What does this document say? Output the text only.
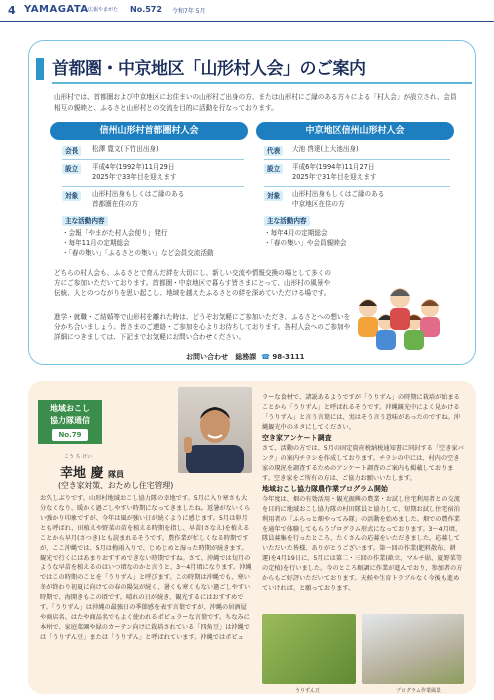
4 YAMAGATA 広報やまがた No.572 令和7年 5月
首都圏・中京地区「山形村人会」のご案内
山形村では、首都圏および中京地区にお住まいの山形村ご出身の方、または山形村にご縁のある方々による「村人会」が設立され、会員相互の親睦と、ふるさと山形村との交流を目的に活動を行なっております。
信州山形村首都圏村人会
会長	松澤 寛文(下竹田出身)
設立	平成4年(1992年)11月29日
2025年で33年目を迎えます
対象	山形村出身もしくはご縁のある
首都圏在住の方
主な活動内容
・会報「やまがた村人会便り」発行
・毎年11月の定期総会
・「春の集い」「ふるさとの集い」など会員交流活動
中京地区信州山形村人会
代表	大池 啓達(上大池出身)
設立	平成6年(1994年)11月27日
2025年で31年目を迎えます
対象	山形村出身もしくはご縁のある
中京地区在住の方
主な活動内容
・毎年4月の定期総会
・「春の集い」や会員親睦会
どちらの村人会も、ふるさとで育んだ絆を大切にし、新しい交流や情報交換の場として多くの方にご参加いただいております。首都圏・中京地区で暮らす皆さまにとって、山形村の風景や伝統、人とのつながりを思い起こし、地域を越えたふるさとの絆を深めていただける場です。
進学・就職・ご結婚等で山形村を離れた時は、どうぞお気軽にご参加いただき、ふるさとへの想いを分かち合いましょう。皆さまのご連絡・ご参加を心よりお待ちしております。各村人会へのご参加や詳細につきましては、下記までお気軽にお問い合わせください。
お問い合わせ 総務課 ☎ 98-3111
地域おこし
協力隊通信
No.79
こう ち けい
幸地 慶 隊員
(空き家対策、おためし住宅管理)
お久しぶりです。山形村地域おこし協力隊の幸地です。5月に入り寒さも大分なくなり、暖かく過ごしやすい時期になってきましたね。返暑がないくらい強かり印象ですが、今年は風が強い日が続くように感じます。5月は卯月とも呼ばれ、田植えや野菜の苗を植える時期を指し、早苗(さなえ)を植えることから早月(さつき)とも読まれるそうです。農作業が忙しくなる時期ですが、ここ沖縄では、5月は梅雨入りで、じめじめと湿った時期が続きます。観光で行くにはあまりおすすめできない時期ですね。さて、沖縄では旬月のような早苗を植えるのはいつ頃なのかと言うと、3～4月頃になります。沖縄ではこの時期のことを「うりずん」と呼びます。この時期は沖縄でも、寒い冬が終わり初夏に向けての春の陽気が続く、暑くも寒くもない過ごしやすい時期で、海開きもこの頃です。晴れの日が続き、観光するにはおすすめです。「うりずん」は沖縄の最強日の季節感を表す言葉ですが、沖縄の居酒屋や商店名、はたや商品名でもよく使われるポピュラーな言葉です。ちなみに本州で、家庭菜園や緑のカーテン向けに栽培されている「四角豆」は沖縄では「うりずん豆」または「うりずん」と呼ばれています。沖縄ではポピュ

ラーな食材で、諸説あるようですが「うりずん」の時期に栽培が始まることから「うりずん」と呼ばれるそうです。沖縄観光中によく見かける「うりずん」と言う言葉には、実はそう言う意味があったのですね。沖縄観光中のネタにしてください。

空き家アンケート調査

さて、活動の方では、5月の固定資産税納税通知書に同封する「空き家バンク」の案内チラシを作成しております。チラシの中には、村内の空き家の現況を調査するためのアンケート調査のご案内も掲載しております。空き家をご所有の方は、ご協力お願いいたします。

地域おこし協力隊農作業プログラム開始

今年度は、畑の有効活用・観光振興の農業・お試し住宅利用者との交流を目的に地域おこし協力隊の村田隊員と協力して、短期お試し住宅宿泊利用者の「ふらっと畑やってみ隊」の活動を始めました。畑での農作業を通年で体験してもらうプログラム形式になっております。3～4月頃、隊員募集を行ったところ、たくさんの応募をいただきました。応募していただいた皆様、ありがとうございます。第一回の作業(肥料散布、耕運)を4月19日に、5月には第二・三回の作業(畝立、マルチ貼、夏野菜等の定植)を行いました。今のところ順調に作業が進んでおり、参加者の方からもご好評いただいております。天候や生育トラブルなく今後も進めていければ、と願っております。

うりずん豆	プログラム作業風景
